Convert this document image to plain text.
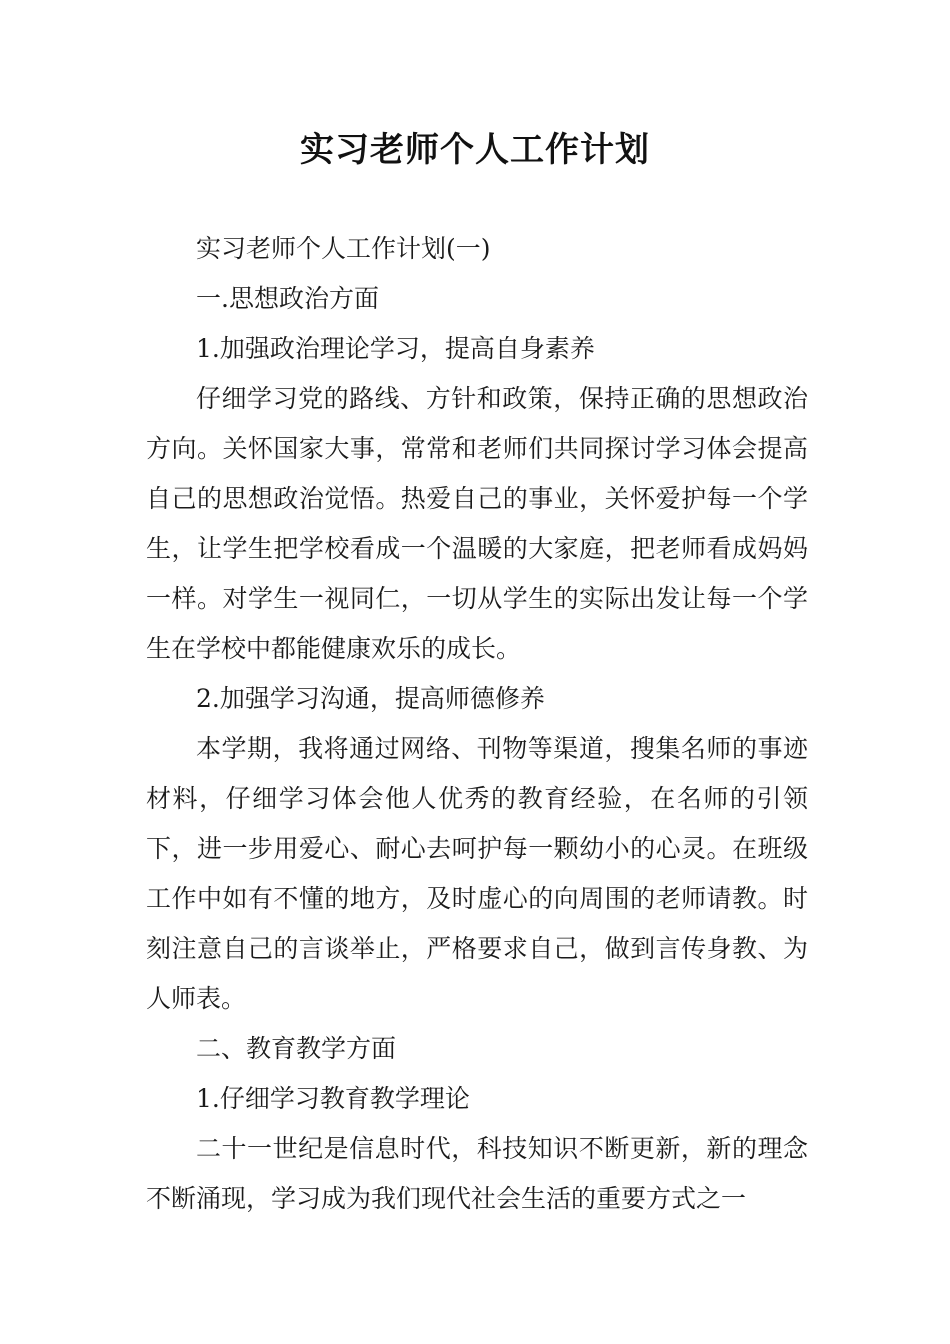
实习老师个人工作计划

实习老师个人工作计划(一)

一.思想政治方面

1.加强政治理论学习，提高自身素养

仔细学习党的路线、方针和政策，保持正确的思想政治方向。关怀国家大事，常常和老师们共同探讨学习体会提高自己的思想政治觉悟。热爱自己的事业，关怀爱护每一个学生，让学生把学校看成一个温暖的大家庭，把老师看成妈妈一样。对学生一视同仁，一切从学生的实际出发让每一个学生在学校中都能健康欢乐的成长。

2.加强学习沟通，提高师德修养

本学期，我将通过网络、刊物等渠道，搜集名师的事迹材料，仔细学习体会他人优秀的教育经验，在名师的引领下，进一步用爱心、耐心去呵护每一颗幼小的心灵。在班级工作中如有不懂的地方，及时虚心的向周围的老师请教。时刻注意自己的言谈举止，严格要求自己，做到言传身教、为人师表。

二、教育教学方面

1.仔细学习教育教学理论

二十一世纪是信息时代，科技知识不断更新，新的理念不断涌现，学习成为我们现代社会生活的重要方式之一
